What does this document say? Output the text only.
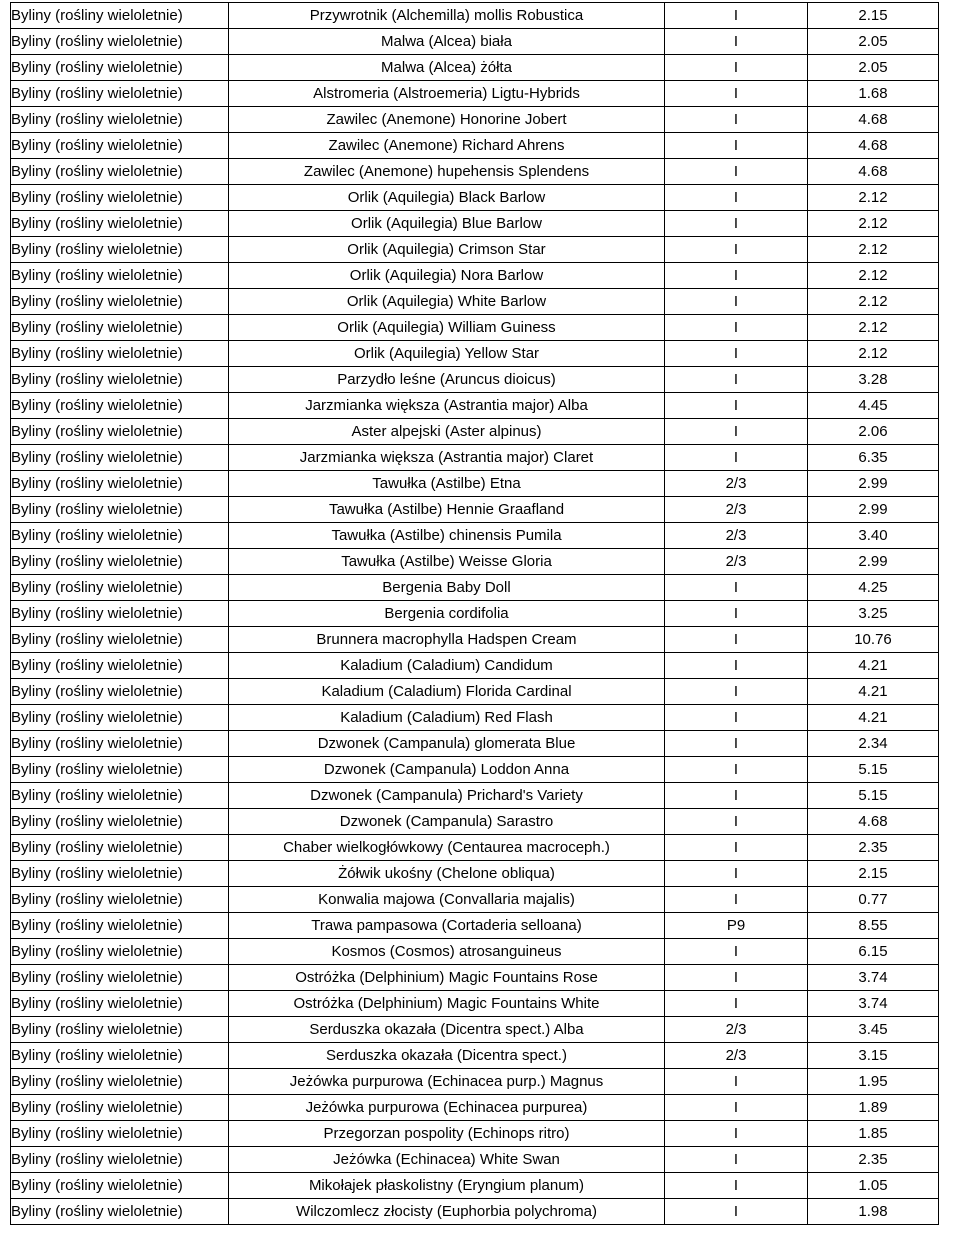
Byliny (rośliny wieloletnie)	Przywrotnik (Alchemilla) mollis Robustica	I	2.15
Byliny (rośliny wieloletnie)	Malwa (Alcea) biała	I	2.05
Byliny (rośliny wieloletnie)	Malwa (Alcea) żółta	I	2.05
Byliny (rośliny wieloletnie)	Alstromeria (Alstroemeria) Ligtu-Hybrids	I	1.68
Byliny (rośliny wieloletnie)	Zawilec (Anemone) Honorine Jobert	I	4.68
Byliny (rośliny wieloletnie)	Zawilec (Anemone) Richard Ahrens	I	4.68
Byliny (rośliny wieloletnie)	Zawilec (Anemone) hupehensis Splendens	I	4.68
Byliny (rośliny wieloletnie)	Orlik (Aquilegia) Black Barlow	I	2.12
Byliny (rośliny wieloletnie)	Orlik (Aquilegia) Blue Barlow	I	2.12
Byliny (rośliny wieloletnie)	Orlik (Aquilegia) Crimson Star	I	2.12
Byliny (rośliny wieloletnie)	Orlik (Aquilegia) Nora Barlow	I	2.12
Byliny (rośliny wieloletnie)	Orlik (Aquilegia) White Barlow	I	2.12
Byliny (rośliny wieloletnie)	Orlik (Aquilegia) William Guiness	I	2.12
Byliny (rośliny wieloletnie)	Orlik (Aquilegia) Yellow Star	I	2.12
Byliny (rośliny wieloletnie)	Parzydło leśne (Aruncus dioicus)	I	3.28
Byliny (rośliny wieloletnie)	Jarzmianka większa (Astrantia major) Alba	I	4.45
Byliny (rośliny wieloletnie)	Aster alpejski (Aster alpinus)	I	2.06
Byliny (rośliny wieloletnie)	Jarzmianka większa (Astrantia major) Claret	I	6.35
Byliny (rośliny wieloletnie)	Tawułka (Astilbe) Etna	2/3	2.99
Byliny (rośliny wieloletnie)	Tawułka (Astilbe) Hennie Graafland	2/3	2.99
Byliny (rośliny wieloletnie)	Tawułka (Astilbe) chinensis Pumila	2/3	3.40
Byliny (rośliny wieloletnie)	Tawułka (Astilbe) Weisse Gloria	2/3	2.99
Byliny (rośliny wieloletnie)	Bergenia Baby Doll	I	4.25
Byliny (rośliny wieloletnie)	Bergenia cordifolia	I	3.25
Byliny (rośliny wieloletnie)	Brunnera macrophylla Hadspen Cream	I	10.76
Byliny (rośliny wieloletnie)	Kaladium (Caladium) Candidum	I	4.21
Byliny (rośliny wieloletnie)	Kaladium (Caladium) Florida Cardinal	I	4.21
Byliny (rośliny wieloletnie)	Kaladium (Caladium) Red Flash	I	4.21
Byliny (rośliny wieloletnie)	Dzwonek (Campanula) glomerata Blue	I	2.34
Byliny (rośliny wieloletnie)	Dzwonek (Campanula) Loddon Anna	I	5.15
Byliny (rośliny wieloletnie)	Dzwonek (Campanula) Prichard's Variety	I	5.15
Byliny (rośliny wieloletnie)	Dzwonek (Campanula) Sarastro	I	4.68
Byliny (rośliny wieloletnie)	Chaber wielkogłówkowy (Centaurea macroceph.)	I	2.35
Byliny (rośliny wieloletnie)	Żółwik ukośny (Chelone obliqua)	I	2.15
Byliny (rośliny wieloletnie)	Konwalia majowa (Convallaria majalis)	I	0.77
Byliny (rośliny wieloletnie)	Trawa pampasowa (Cortaderia selloana)	P9	8.55
Byliny (rośliny wieloletnie)	Kosmos (Cosmos) atrosanguineus	I	6.15
Byliny (rośliny wieloletnie)	Ostróżka (Delphinium) Magic Fountains Rose	I	3.74
Byliny (rośliny wieloletnie)	Ostróżka (Delphinium) Magic Fountains White	I	3.74
Byliny (rośliny wieloletnie)	Serduszka okazała (Dicentra spect.) Alba	2/3	3.45
Byliny (rośliny wieloletnie)	Serduszka okazała (Dicentra spect.)	2/3	3.15
Byliny (rośliny wieloletnie)	Jeżówka purpurowa (Echinacea purp.) Magnus	I	1.95
Byliny (rośliny wieloletnie)	Jeżówka purpurowa (Echinacea purpurea)	I	1.89
Byliny (rośliny wieloletnie)	Przegorzan pospolity (Echinops ritro)	I	1.85
Byliny (rośliny wieloletnie)	Jeżówka (Echinacea) White Swan	I	2.35
Byliny (rośliny wieloletnie)	Mikołajek płaskolistny (Eryngium planum)	I	1.05
Byliny (rośliny wieloletnie)	Wilczomlecz złocisty (Euphorbia polychroma)	I	1.98
